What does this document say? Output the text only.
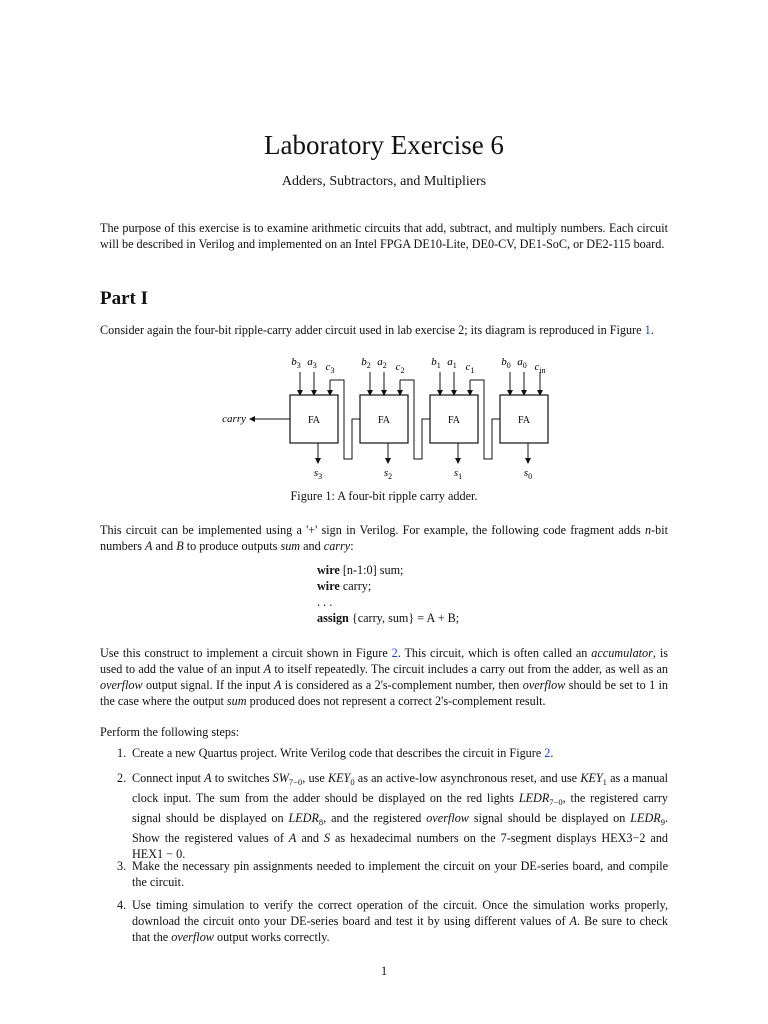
Laboratory Exercise 6
Adders, Subtractors, and Multipliers
The purpose of this exercise is to examine arithmetic circuits that add, subtract, and multiply numbers. Each circuit will be described in Verilog and implemented on an Intel FPGA DE10-Lite, DE0-CV, DE1-SoC, or DE2-115 board.
Part I
Consider again the four-bit ripple-carry adder circuit used in lab exercise 2; its diagram is reproduced in Figure 1.
FA
$b_3$ $a_3$ $c_3$
$s_3$
FA
$b_2$ $a_2$ $c_2$
$s_2$
FA
$b_1$ $a_1$ $c_1$
$s_1$
FA
$b_0$ $a_0$ $c_{in}$
$s_0$
carry
Figure 1: A four-bit ripple carry adder.
This circuit can be implemented using a '+' sign in Verilog. For example, the following code fragment adds n-bit numbers A and B to produce outputs sum and carry:
wire [n-1:0] sum;
wire carry;
. . .
assign {carry, sum} = A + B;
Use this construct to implement a circuit shown in Figure 2. This circuit, which is often called an accumulator, is used to add the value of an input A to itself repeatedly. The circuit includes a carry out from the adder, as well as an overflow output signal. If the input A is considered as a 2's-complement number, then overflow should be set to 1 in the case where the output sum produced does not represent a correct 2's-complement result.
Perform the following steps:
1. Create a new Quartus project. Write Verilog code that describes the circuit in Figure 2.
2. Connect input A to switches $SW_{7-0}$, use $KEY_0$ as an active-low asynchronous reset, and use $KEY_1$ as a manual clock input. The sum from the adder should be displayed on the red lights $LEDR_{7-0}$, the registered carry signal should be displayed on $LEDR_8$, and the registered overflow signal should be displayed on $LEDR_9$. Show the registered values of A and S as hexadecimal numbers on the 7-segment displays HEX3−2 and HEX1 − 0.
3. Make the necessary pin assignments needed to implement the circuit on your DE-series board, and compile the circuit.
4. Use timing simulation to verify the correct operation of the circuit. Once the simulation works properly, download the circuit onto your DE-series board and test it by using different values of A. Be sure to check that the overflow output works correctly.
1
